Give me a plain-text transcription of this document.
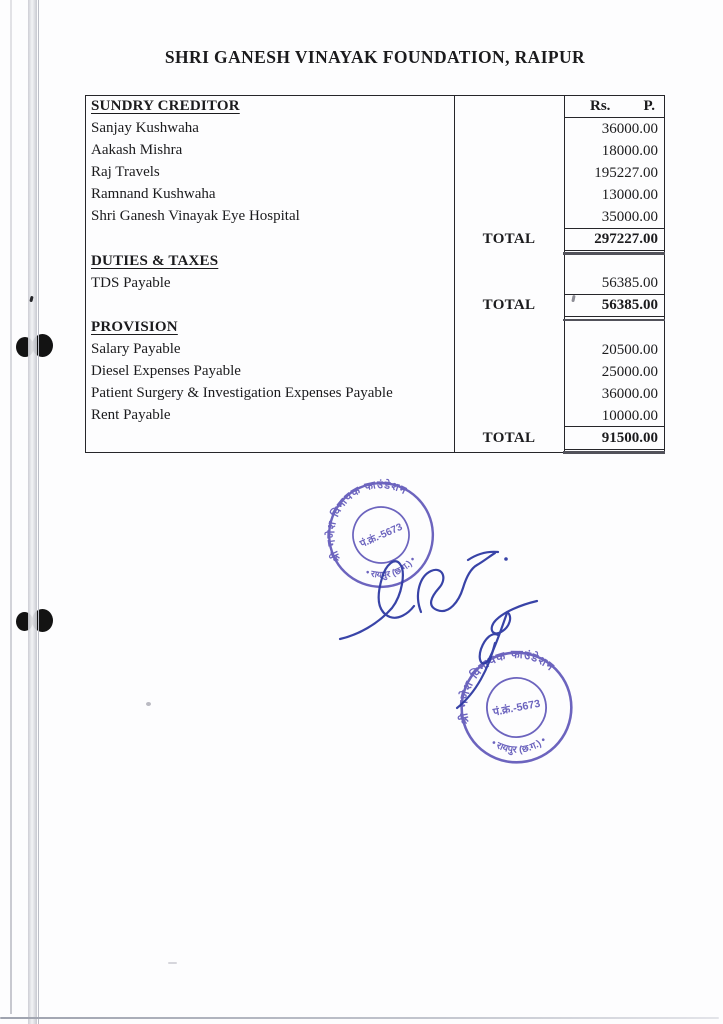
SHRI GANESH VINAYAK FOUNDATION, RAIPUR
SUNDRY CREDITOR	Rs. P.
Sanjay Kushwaha	36000.00
Aakash Mishra	18000.00
Raj Travels	195227.00
Ramnand Kushwaha	13000.00
Shri Ganesh Vinayak Eye Hospital	35000.00
TOTAL	297227.00
DUTIES & TAXES
TDS Payable	56385.00
TOTAL	56385.00
PROVISION
Salary Payable	20500.00
Diesel Expenses Payable	25000.00
Patient Surgery & Investigation Expenses Payable	36000.00
Rent Payable	10000.00
TOTAL	91500.00
श्री गणेश विनायक फाउंडेशन
• रायपुर (छ.ग.) •
पं.क्रं.-5673
श्री गणेश विनायक फाउंडेशन
• रायपुर (छ.ग.) •
पं.क्रं.-5673
